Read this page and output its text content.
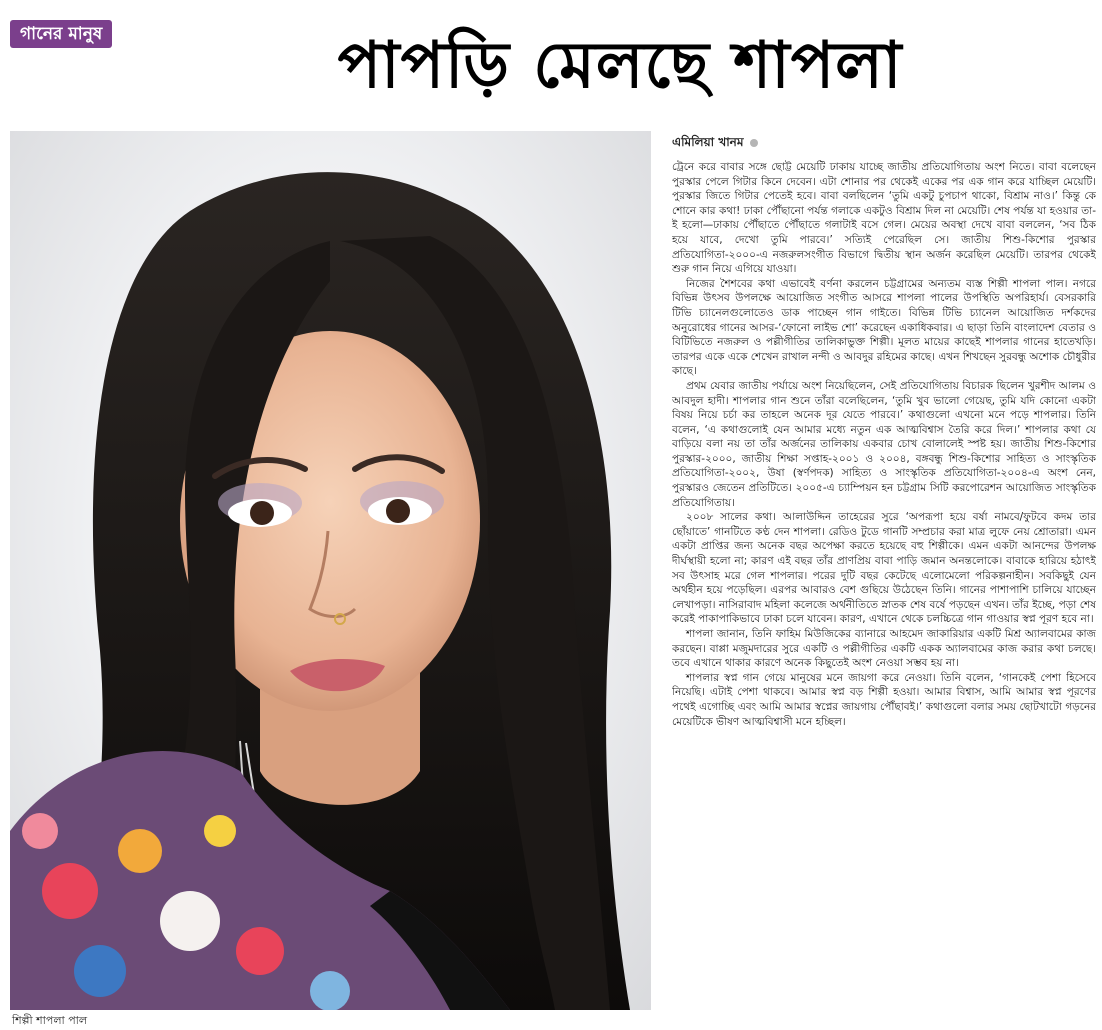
গানের মানুষ	পাপড়ি মেলছে শাপলা
শিল্পী শাপলা পাল
এমিলিয়া খানম

ট্রেনে করে বাবার সঙ্গে ছোট্ট মেয়েটি ঢাকায় যাচ্ছে জাতীয় প্রতিযোগিতায় অংশ নিতে। বাবা বলেছেন পুরস্কার পেলে গিটার কিনে দেবেন। এটা শোনার পর থেকেই একের পর এক গান করে যাচ্ছিল মেয়েটি। পুরস্কার জিতে গিটার পেতেই হবে। বাবা বলছিলেন ‘তুমি একটু চুপচাপ থাকো, বিশ্রাম নাও।’ কিন্তু কে শোনে কার কথা! ঢাকা পৌঁছানো পর্যন্ত গলাকে একটুও বিশ্রাম দিল না মেয়েটি। শেষ পর্যন্ত যা হওয়ার তা-ই হলো—ঢাকায় পৌঁছাতে পৌঁছাতে গলাটাই বসে গেল। মেয়ের অবস্থা দেখে বাবা বললেন, ‘সব ঠিক হয়ে যাবে, দেখো তুমি পারবে।’ সত্যিই পেরেছিল সে। জাতীয় শিশু-কিশোর পুরস্কার প্রতিযোগিতা-২০০০-এ নজরুলসংগীত বিভাগে দ্বিতীয় স্থান অর্জন করেছিল মেয়েটি। তারপর থেকেই শুরু গান নিয়ে এগিয়ে যাওয়া।

নিজের শৈশবের কথা এভাবেই বর্ণনা করলেন চট্টগ্রামের অন্যতম ব্যস্ত শিল্পী শাপলা পাল। নগরে বিভিন্ন উৎসব উপলক্ষে আয়োজিত সংগীত আসরে শাপলা পালের উপস্থিতি অপরিহার্য। বেসরকারি টিভি চ্যানেলগুলোতেও ডাক পাচ্ছেন গান গাইতে। বিভিন্ন টিভি চ্যানেল আয়োজিত দর্শকদের অনুরোধের গানের আসর-‘ফোনো লাইভ শো’ করেছেন একাধিকবার। এ ছাড়া তিনি বাংলাদেশ বেতার ও বিটিভিতে নজরুল ও পল্লীগীতির তালিকাভুক্ত শিল্পী। মূলত মায়ের কাছেই শাপলার গানের হাতেখড়ি। তারপর একে একে শেখেন রাখাল নন্দী ও আবদুর রহিমের কাছে। এখন শিখছেন সুরবন্ধু অশোক চৌধুরীর কাছে।

প্রথম যেবার জাতীয় পর্যায়ে অংশ নিয়েছিলেন, সেই প্রতিযোগিতায় বিচারক ছিলেন খুরশীদ আলম ও আবদুল হাদী। শাপলার গান শুনে তাঁরা বলেছিলেন, ‘তুমি খুব ভালো গেয়েছ, তুমি যদি কোনো একটা বিষয় নিয়ে চর্চা কর তাহলে অনেক দূর যেতে পারবে।’ কথাগুলো এখনো মনে পড়ে শাপলার। তিনি বলেন, ‘এ কথাগুলোই যেন আমার মধ্যে নতুন এক আত্মবিশ্বাস তৈরি করে দিল।’ শাপলার কথা যে বাড়িয়ে বলা নয় তা তাঁর অর্জনের তালিকায় একবার চোখ বোলালেই স্পষ্ট হয়। জাতীয় শিশু-কিশোর পুরস্কার-২০০০, জাতীয় শিক্ষা সপ্তাহ-২০০১ ও ২০০৪, বঙ্গবন্ধু শিশু-কিশোর সাহিত্য ও সাংস্কৃতিক প্রতিযোগিতা-২০০২, উষা (স্বর্ণপদক) সাহিত্য ও সাংস্কৃতিক প্রতিযোগিতা-২০০৪-এ অংশ নেন, পুরস্কারও জেতেন প্রতিটিতে। ২০০৫-এ চ্যাম্পিয়ন হন চট্টগ্রাম সিটি করপোরেশন আয়োজিত সাংস্কৃতিক প্রতিযোগিতায়।

২০০৮ সালের কথা। আলাউদ্দিন তাহেরের সুরে ‘অপরূপা হয়ে বর্ষা নামবে/ফুটবে কদম তার ছোঁয়াতে’ গানটিতে কণ্ঠ দেন শাপলা। রেডিও টুডে গানটি সম্প্রচার করা মাত্র লুফে নেয় শ্রোতারা। এমন একটা প্রাপ্তির জন্য অনেক বছর অপেক্ষা করতে হয়েছে বহু শিল্পীকে। এমন একটা আনন্দের উপলক্ষ দীর্ঘস্থায়ী হলো না; কারণ এই বছর তাঁর প্রাণপ্রিয় বাবা পাড়ি জমান অনন্তলোকে। বাবাকে হারিয়ে হঠাৎই সব উৎসাহ মরে গেল শাপলার। পরের দুটি বছর কেটেছে এলোমেলো পরিকল্পনাহীন। সবকিছুই যেন অর্থহীন হয়ে পড়েছিল। এরপর আবারও বেশ গুছিয়ে উঠেছেন তিনি। গানের পাশাপাশি চালিয়ে যাচ্ছেন লেখাপড়া। নাসিরাবাদ মহিলা কলেজে অর্থনীতিতে স্নাতক শেষ বর্ষে পড়ছেন এখন। তাঁর ইচ্ছে, পড়া শেষ করেই পাকাপাকিভাবে ঢাকা চলে যাবেন। কারণ, এখানে থেকে চলচ্চিত্রে গান গাওয়ার স্বপ্ন পূরণ হবে না।

শাপলা জানান, তিনি ফাহিম মিউজিকের ব্যানারে আহমেদ জাকারিয়ার একটি মিশ্র অ্যালবামের কাজ করছেন। বাপ্পা মজুমদারের সুরে একটি ও পল্লীগীতির একটি একক অ্যালবামের কাজ করার কথা চলছে। তবে এখানে থাকার কারণে অনেক কিছুতেই অংশ নেওয়া সম্ভব হয় না।

শাপলার স্বপ্ন গান গেয়ে মানুষের মনে জায়গা করে নেওয়া। তিনি বলেন, ‘গানকেই পেশা হিসেবে নিয়েছি। এটাই পেশা থাকবে। আমার স্বপ্ন বড় শিল্পী হওয়া। আমার বিশ্বাস, আমি আমার স্বপ্ন পূরণের পথেই এগোচ্ছি এবং আমি আমার স্বপ্নের জায়গায় পৌঁছাবই।’ কথাগুলো বলার সময় ছোটখাটো গড়নের মেয়েটিকে ভীষণ আত্মবিশ্বাসী মনে হচ্ছিল।
